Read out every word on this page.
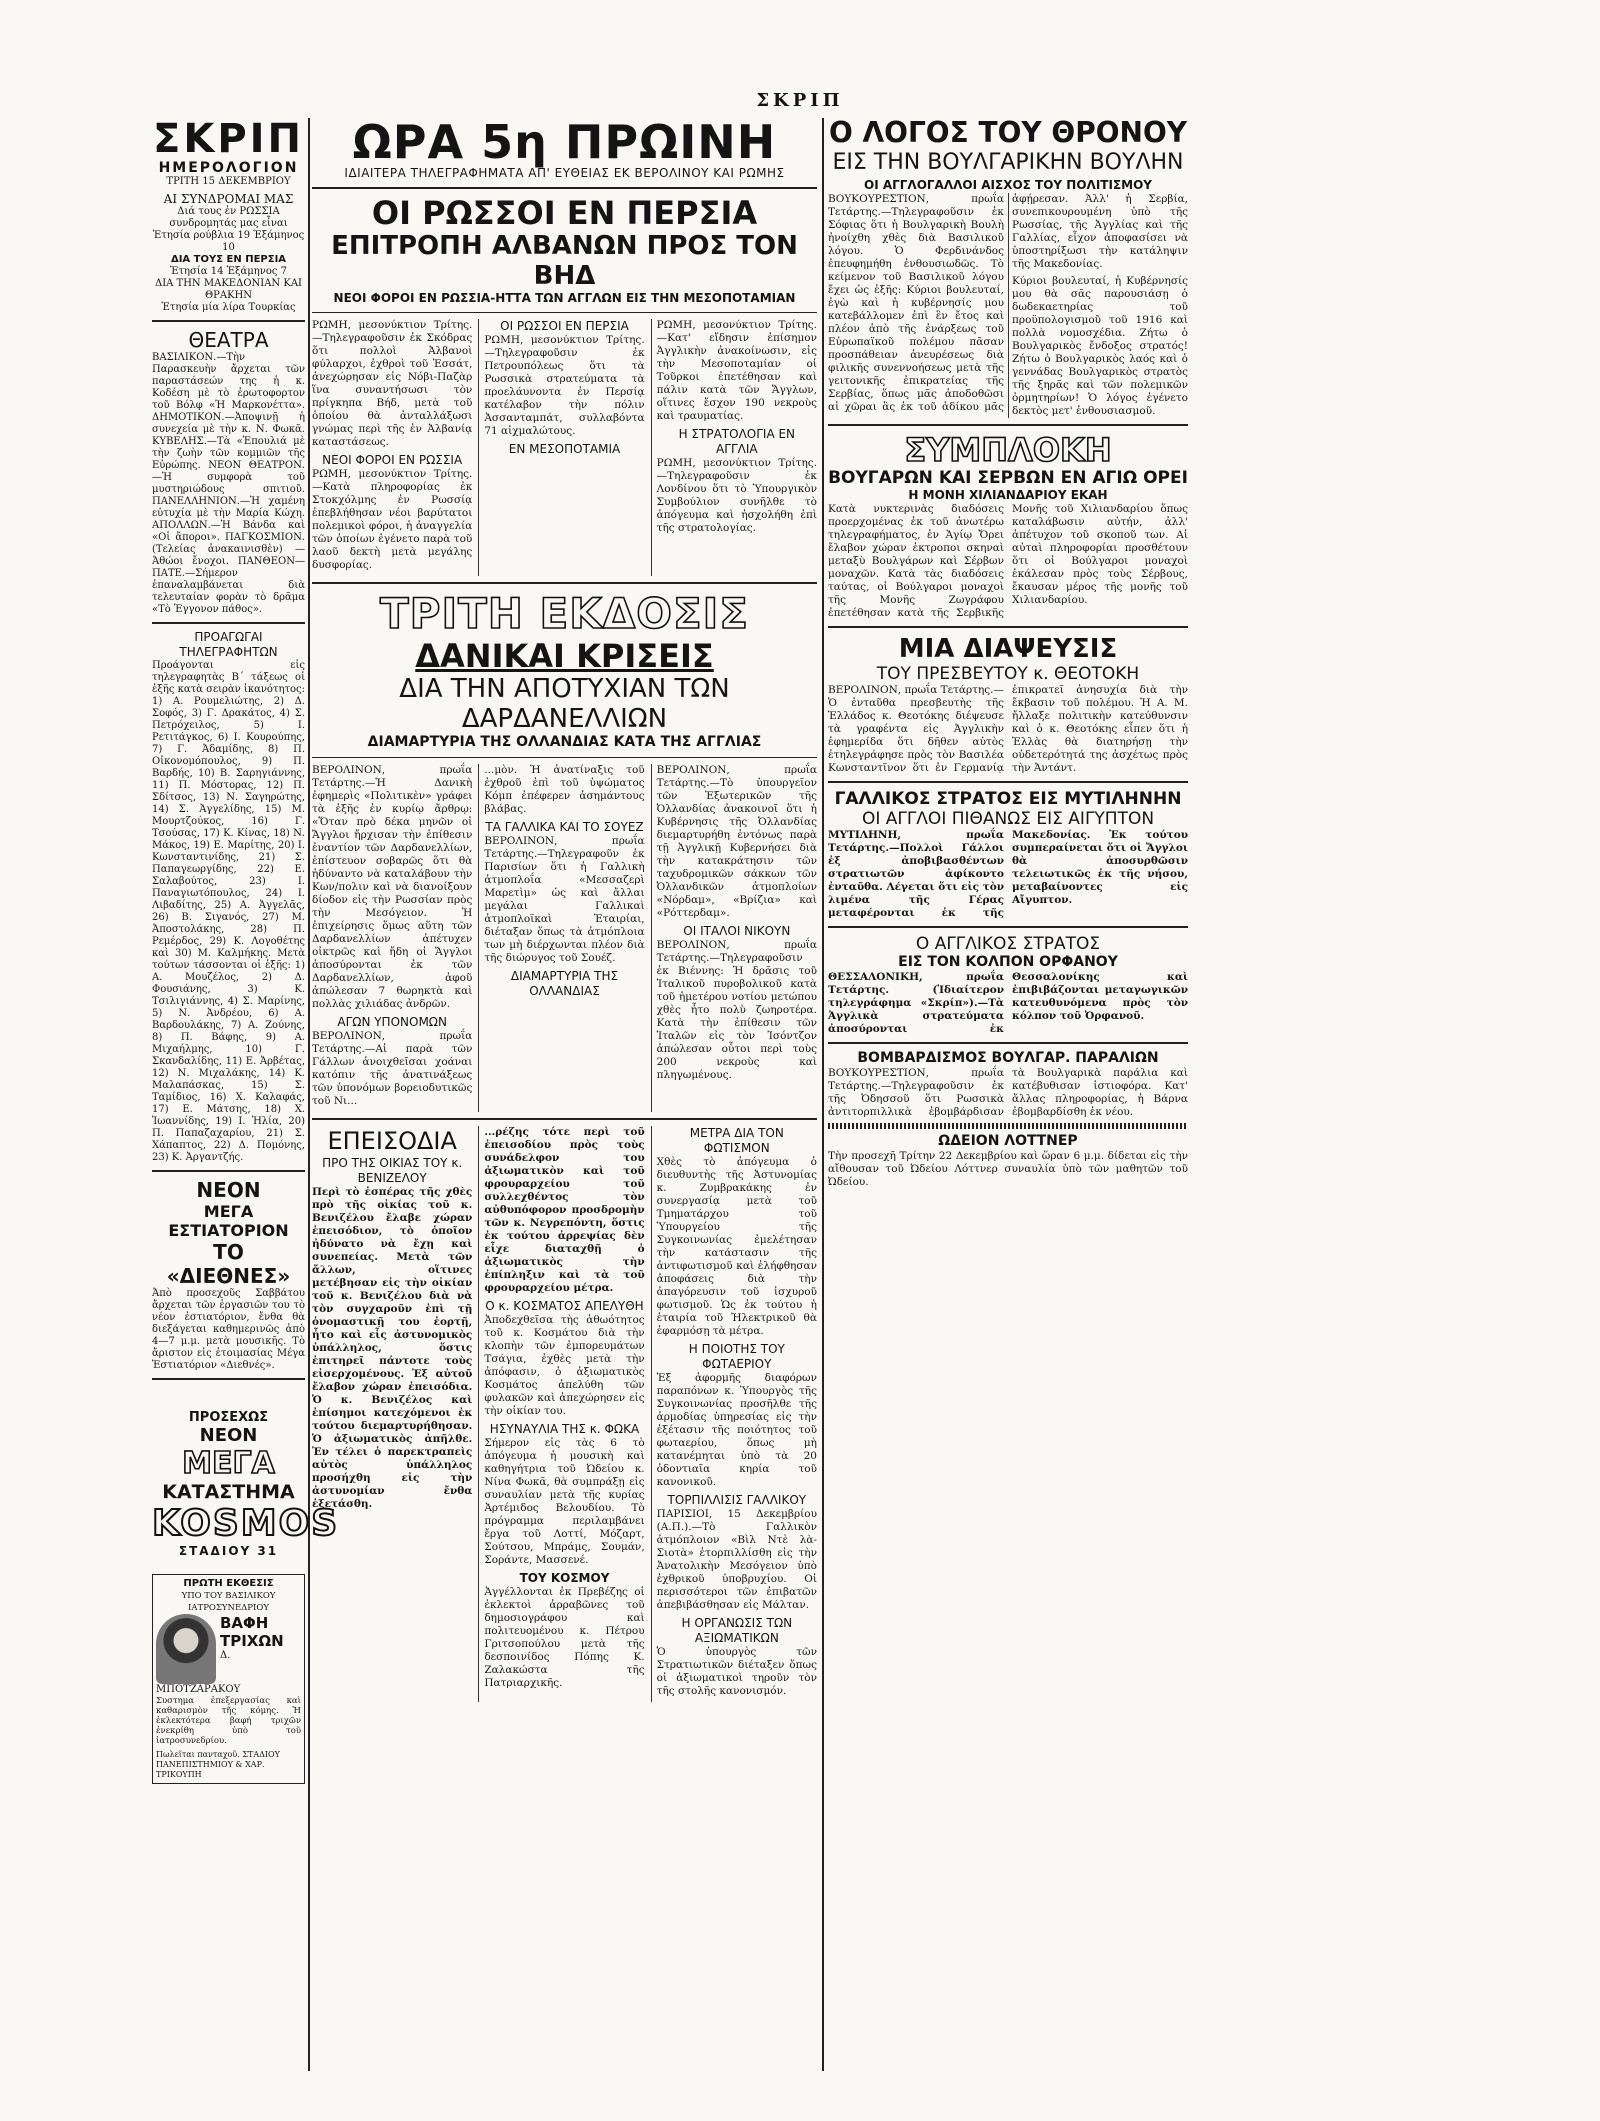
ΣΚΡΙΠ
ΣΚΡΙΠ
ΗΜΕΡΟΛΟΓΙΟΝ
ΤΡΙΤΗ 15 ΔΕΚΕΜΒΡΙΟΥ
ΑΙ ΣΥΝΔΡΟΜΑΙ ΜΑΣ
Διά τους ἐν ΡΩΣΣΙΑ συνδρομητάς μας εἶναι
Ἐτησία ρούβλια 19 Ἑξάμηνος 10
ΔΙΑ ΤΟΥΣ ΕΝ ΠΕΡΣΙΑ
Ἐτησία 14 Ἑξάμηνος 7
ΔΙΑ ΤΗΝ ΜΑΚΕΔΟΝΙΑΝ ΚΑΙ ΘΡΑΚΗΝ
Ἐτησία μία λίρα Τουρκίας
ΘΕΑΤΡΑ

ΒΑΣΙΛΙΚΟΝ.—Τὴν Παρασκευὴν ἄρχεται τῶν παραστάσεών της ἡ κ. Κοδέση μὲ τὸ ἐρωτοφορτον τοῦ Βόλφ «Ἡ Μαρκονέττα». ΔΗΜΟΤΙΚΟΝ.—Ἀποψινῇ ἡ συνεχεία μὲ τὴν κ. Ν. Φωκᾶ. ΚΥΒΕΛΗΣ.—Τὰ «Ἐπουλιά μὲ τὴν ζωὴν τῶν κομμιῶν τῆς Εὐρώπης. ΝΕΟΝ ΘΕΑΤΡΟΝ.—Ἡ συμφορὰ τοῦ μυστηριώδους σπιτιοῦ. ΠΑΝΕΛΛΗΝΙΟΝ.—Ἡ χαμένη εὐτυχία μὲ τὴν Μαρία Κώχη. ΑΠΟΛΛΩΝ.—Ἡ Βάνδα καὶ «Οἱ ἄποροι». ΠΑΓΚΟΣΜΙΟΝ. (Τελείας ἀνακαινισθὲν) —Ἀθώοι ἔνοχοι. ΠΑΝΘΕΟΝ—ΠΑΤΕ.—Σήμερον ἐπαναλαμβάνεται διὰ τελευταίαν φορὰν τὸ δρᾶμα «Τὸ Ἐγγονον πάθος».

ΠΡΟΑΓΩΓΑΙ ΤΗΛΕΓΡΑΦΗΤΩΝ

Προάγονται εἰς τηλεγραφητὰς Β΄ τάξεως οἱ ἑξῆς κατὰ σειρὰν ἱκανότητος: 1) Α. Ρουμελιώτης, 2) Δ. Σοφός, 3) Γ. Δρακάτος, 4) Σ. Πετρόχειλος, 5) Ι. Ρετιτάγκος, 6) Ι. Κουρούπης, 7) Γ. Ἀδαμίδης, 8) Π. Οἰκονομόπουλος, 9) Π. Βαρδής, 10) Β. Σαρηγιάννης, 11) Π. Μόστορας, 12) Π. Σδίτσος, 13) Ν. Σαγηρώτης, 14) Σ. Ἀγγελίδης, 15) Μ. Μουρτζούκος, 16) Γ. Τσούσας, 17) Κ. Κίνας, 18) Ν. Μάκος, 19) Ε. Μαρίτης, 20) Ι. Κωνσταντινίδης, 21) Σ. Παπαγεωργίδης, 22) Ε. Σαλαβούτος, 23) Ι. Παναγιωτόπουλος, 24) Ι. Λιβαδίτης, 25) Α. Ἀγγελᾶς, 26) Β. Σιγανός, 27) Μ. Ἀποστολάκης, 28) Π. Ρεμέρδος, 29) Κ. Λογοθέτης καὶ 30) Μ. Καλμήκης. Μετὰ τούτων τάσσονται οἱ ἑξῆς: 1) Α. Μουζέλος, 2) Δ. Φουσιάνης, 3) Κ. Τσιλιγιάννης, 4) Σ. Μαρίνης, 5) Ν. Ἀνδρέου, 6) Α. Βαρδουλάκης, 7) Α. Ζούνης, 8) Π. Βάφης, 9) Α. Μιχαήλμης, 10) Γ. Σκανδαλίδης, 11) Ε. Ἀρβέτας, 12) Ν. Μιχαλάκης, 14) Κ. Μαλαπάσκας, 15) Σ. Ταμίδιος, 16) Χ. Καλαφάς, 17) Ε. Μάτσης, 18) Χ. Ἰωαννίδης, 19) Ι. Ἠλία, 20) Π. Παπαζαχαρίου, 21) Σ. Χάπαπτος, 22) Δ. Πομόνης, 23) Κ. Ἀργαντζής.

ΝΕΟΝ
ΜΕΓΑ ΕΣΤΙΑΤΟΡΙΟΝ
ΤΟ «ΔΙΕΘΝΕΣ»

Ἀπὸ προσεχοῦς Σαββάτου ἄρχεται τῶν ἐργασιῶν του τὸ νέον ἐστιατόριον, ἔνθα θὰ διεξάγεται καθημερινῶς ἀπὸ 4—7 μ.μ. μετὰ μουσικῆς. Τὸ ἄριστον εἰς ἑτοιμασίας Μέγα Ἑστιατόριον «Διεθνές».

ΠΡΟΣΕΧΩΣ
ΝΕΟΝ
ΜΕΓΑ
ΚΑΤΑΣΤΗΜΑ
KOSMOS
ΣΤΑΔΙΟΥ 31
ΠΡΩΤΗ ΕΚΘΕΣΙΣ
ΥΠΟ ΤΟΥ ΒΑΣΙΛΙΚΟΥ ΙΑΤΡΟΣΥΝΕΔΡΙΟΥ
ΒΑΦΗ ΤΡΙΧΩΝ
Δ. ΜΠΟΤΖΑΡΑΚΟΥ

Συστημα ἐπεξεργασίας καὶ καθαρισμὸν τῆς κόμης. Ἡ ἐκλεκτότερα βαφή τριχῶν ἐνεκρίθη ὑπὸ τοῦ ἰατροσυνεδρίου.

Πωλεῖται πανταχοῦ. ΣΤΑΔΙΟΥ ΠΑΝΕΠΙΣΤΗΜΙΟΥ & ΧΑΡ. ΤΡΙΚΟΥΠΗ
ΩΡΑ 5η ΠΡΩΙΝΗ
ΙΔΙΑΙΤΕΡΑ ΤΗΛΕΓΡΑΦΗΜΑΤΑ ΑΠ' ΕΥΘΕΙΑΣ ΕΚ ΒΕΡΟΛΙΝΟΥ ΚΑΙ ΡΩΜΗΣ
ΟΙ ΡΩΣΣΟΙ ΕΝ ΠΕΡΣΙΑ
ΕΠΙΤΡΟΠΗ ΑΛΒΑΝΩΝ ΠΡΟΣ ΤΟΝ ΒΗΔ
ΝΕΟΙ ΦΟΡΟΙ ΕΝ ΡΩΣΣΙΑ-ΗΤΤΑ ΤΩΝ ΑΓΓΛΩΝ ΕΙΣ ΤΗΝ ΜΕΣΟΠΟΤΑΜΙΑΝ

ΡΩΜΗ, μεσονύκτιον Τρίτης.—Τηλεγραφοῦσιν ἐκ Σκόδρας ὅτι πολλοὶ Ἀλβανοὶ φύλαρχοι, ἐχθροὶ τοῦ Ἐσσάτ, ἀνεχώρησαν εἰς Νόβι-Παζὰρ ἵνα συναντήσωσι τὸν πρίγκηπα Βήδ, μετὰ τοῦ ὁποίου θὰ ἀνταλλάξωσι γνώμας περὶ τῆς ἐν Ἀλβανίᾳ καταστάσεως.

ΝΕΟΙ ΦΟΡΟΙ ΕΝ ΡΩΣΣΙΑ

ΡΩΜΗ, μεσονύκτιον Τρίτης.—Κατὰ πληροφορίας ἐκ Στοκχόλμης ἐν Ρωσσίᾳ ἐπεβλήθησαν νέοι βαρύτατοι πολεμικοὶ φόροι, ἡ ἀναγγελία τῶν ὁποίων ἐγένετο παρὰ τοῦ λαοῦ δεκτὴ μετὰ μεγάλης δυσφορίας.

ΟΙ ΡΩΣΣΟΙ ΕΝ ΠΕΡΣΙΑ

ΡΩΜΗ, μεσονύκτιον Τρίτης.—Τηλεγραφοῦσιν ἐκ Πετρουπόλεως ὅτι τὰ Ρωσσικὰ στρατεύματα τὰ προελάυνοντα ἐν Περσίᾳ κατέλαβον τὴν πόλιν Ἀσσανταμπάτ, συλλαβόντα 71 αἰχμαλώτους.

ΕΝ ΜΕΣΟΠΟΤΑΜΙΑ

ΡΩΜΗ, μεσονύκτιον Τρίτης.—Κατ' εἴδησιν ἐπίσημον Ἀγγλικὴν ἀνακοίνωσιν, εἰς τὴν Μεσοποταμίαν οἱ Τοῦρκοι ἐπετέθησαν καὶ πάλιν κατὰ τῶν Ἄγγλων, οἵτινες ἔσχον 190 νεκροὺς καὶ τραυματίας.

Η ΣΤΡΑΤΟΛΟΓΙΑ ΕΝ ΑΓΓΛΙΑ

ΡΩΜΗ, μεσονύκτιον Τρίτης.—Τηλεγραφοῦσιν ἐκ Λονδίνου ὅτι τὸ Ὑπουργικὸν Συμβούλιον συνῆλθε τὸ ἀπόγευμα καὶ ἠσχολήθη ἐπὶ τῆς στρατολογίας.

ΤΡΙΤΗ ΕΚΔΟΣΙΣ
ΔΑΝΙΚΑΙ ΚΡΙΣΕΙΣ
ΔΙΑ ΤΗΝ ΑΠΟΤΥΧΙΑΝ ΤΩΝ ΔΑΡΔΑΝΕΛΛΙΩΝ
ΔΙΑΜΑΡΤΥΡΙΑ ΤΗΣ ΟΛΛΑΝΔΙΑΣ ΚΑΤΑ ΤΗΣ ΑΓΓΛΙΑΣ

ΒΕΡΟΛΙΝΟΝ, πρωΐα Τετάρτης.—Ἡ Δανικὴ ἐφημερὶς «Πολιτικὲν» γράφει τὰ ἑξῆς ἐν κυρίῳ ἄρθρῳ: «Ὅταν πρὸ δέκα μηνῶν οἱ Ἄγγλοι ἤρχισαν τὴν ἐπίθεσιν ἐναντίον τῶν Δαρδανελλίων, ἐπίστευον σοβαρῶς ὅτι θὰ ἠδύναντο νὰ καταλάβουν τὴν Κων/πολιν καὶ νὰ διανοίξουν δίοδον εἰς τὴν Ρωσσίαν πρὸς τὴν Μεσόγειον. Ἡ ἐπιχείρησις ὅμως αὕτη τῶν Δαρδανελλίων ἀπέτυχεν οἰκτρῶς καὶ ἤδη οἱ Ἄγγλοι ἀποσύρονται ἐκ τῶν Δαρδανελλίων, ἀφοῦ ἀπώλεσαν 7 θωρηκτὰ καὶ πολλὰς χιλιάδας ἀνδρῶν.

ΑΓΩΝ ΥΠΟΝΟΜΩΝ

ΒΕΡΟΛΙΝΟΝ, πρωΐα Τετάρτης.—Αἱ παρὰ τῶν Γάλλων ἀνοιχθεῖσαι χοάναι κατόπιν τῆς ἀνατινάξεως τῶν ὑπονόμων βορειοδυτικῶς τοῦ Νι...

...μὸν. Ἡ ἀνατίναξις τοῦ ἐχθροῦ ἐπὶ τοῦ ὑψώματος Κόμπ ἐπέφερεν ἀσημάντους βλάβας.

ΤΑ ΓΑΛΛΙΚΑ ΚΑΙ ΤΟ ΣΟΥΕΖ

ΒΕΡΟΛΙΝΟΝ, πρωΐα Τετάρτης.—Τηλεγραφοῦν ἐκ Παρισίων ὅτι ἡ Γαλλικὴ ἀτμοπλοΐα «Μεσσαζερὶ Μαρετὶμ» ὡς καὶ ἄλλαι μεγάλαι Γαλλικαὶ ἀτμοπλοϊκαὶ Ἑταιρίαι, διέταξαν ὅπως τὰ ἀτμόπλοια των μὴ διέρχωνται πλέον διὰ τῆς διώρυγος τοῦ Σουέζ.

ΔΙΑΜΑΡΤΥΡΙΑ ΤΗΣ ΟΛΛΑΝΔΙΑΣ

ΒΕΡΟΛΙΝΟΝ, πρωΐα Τετάρτης.—Τὸ ὑπουργεῖον τῶν Ἐξωτερικῶν τῆς Ὀλλανδίας ἀνακοινοῖ ὅτι ἡ Κυβέρνησις τῆς Ὀλλανδίας διεμαρτυρήθη ἐντόνως παρὰ τῇ Ἀγγλικῇ Κυβερνήσει διὰ τὴν κατακράτησιν τῶν ταχυδρομικῶν σάκκων τῶν Ὀλλανδικῶν ἀτμοπλοίων «Νόρδαμ», «Βρίζια» καὶ «Ρόττερδαμ».

ΟΙ ΙΤΑΛΟΙ ΝΙΚΟΥΝ

ΒΕΡΟΛΙΝΟΝ, πρωΐα Τετάρτης.—Τηλεγραφοῦσιν ἐκ Βιέννης: Ἡ δρᾶσις τοῦ Ἰταλικοῦ πυροβολικοῦ κατὰ τοῦ ἡμετέρου νοτίου μετώπου χθὲς ἦτο πολὺ ζωηροτέρα. Κατὰ τὴν ἐπίθεσιν τῶν Ἰταλῶν εἰς τὸν Ἰσόντζον ἀπώλεσαν οὗτοι περὶ τοὺς 200 νεκροὺς καὶ πληγωμένους.

ΕΠΕΙΣΟΔΙΑ
ΠΡΟ ΤΗΣ ΟΙΚΙΑΣ ΤΟΥ κ. ΒΕΝΙΖΕΛΟΥ

Περὶ τὸ ἑσπέρας τῆς χθὲς πρὸ τῆς οἰκίας τοῦ κ. Βενιζέλου ἔλαβε χώραν ἐπεισόδιον, τὸ ὁποῖον ἠδύνατο νὰ ἔχῃ καὶ συνεπείας. Μετὰ τῶν ἄλλων, οἵτινες μετέβησαν εἰς τὴν οἰκίαν τοῦ κ. Βενιζέλου διὰ νὰ τὸν συγχαροῦν ἐπὶ τῇ ὀνομαστικῇ του ἑορτῇ, ἦτο καὶ εἷς ἀστυνομικὸς ὑπάλληλος, ὅστις ἐπιτηρεῖ πάντοτε τοὺς εἰσερχομένους. Ἐξ αὐτοῦ ἔλαβον χώραν ἐπεισόδια. Ὁ κ. Βενιζέλος καὶ ἐπίσημοι κατεχόμενοι ἐκ τούτου διεμαρτυρήθησαν. Ὁ ἀξιωματικὸς ἀπῆλθε. Ἐν τέλει ὁ παρεκτραπεὶς αὐτὸς ὑπάλληλος προσήχθη εἰς τὴν ἀστυνομίαν ἔνθα ἐξετάσθη.

...ρέζης τότε περὶ τοῦ ἐπεισοδίου πρὸς τοὺς συνάδελφον του ἀξιωματικὸν καὶ τοῦ φρουραρχείου τοῦ συλλεχθέντος τὸν αὐθυπόφορον προσδρομὴν τῶν κ. Νεγρεπόντη, ὅστις ἐκ τούτου ἀρρεψίας δὲν εἶχε διαταχθῇ ὁ ἀξιωματικὸς τὴν ἐπίπληξιν καὶ τὰ τοῦ φρουραρχείου μέτρα.

Ο κ. ΚΟΣΜΑΤΟΣ ΑΠΕΛΥΘΗ

Ἀποδεχθεῖσα τὴς ἀθωότητος τοῦ κ. Κοσμάτου διὰ τὴν κλοπὴν τῶν ἐμπορευμάτων Τσάγια, ἐχθὲς μετὰ τὴν ἀπόφασιν, ὁ ἀξιωματικὸς Κοσμάτος ἀπελύθη τῶν φυλακῶν καὶ ἀπεχώρησεν εἰς τὴν οἰκίαν του.

ΗΣΥΝΑΥΛΙΑ ΤΗΣ κ. ΦΩΚΑ

Σήμερον εἰς τὰς 6 τὸ ἀπόγευμα ἡ μουσικὴ καὶ καθηγήτρια τοῦ Ὠδείου κ. Νίνα Φωκᾶ, θὰ συμπράξῃ εἰς συναυλίαν μετὰ τῆς κυρίας Ἀρτέμιδος Βελουδίου. Τὸ πρόγραμμα περιλαμβάνει ἔργα τοῦ Λοττί, Μόζαρτ, Σούτσου, Μπράμς, Σουμάν, Σοράντε, Μασσενέ.

ΤΟΥ ΚΟΣΜΟΥ

Ἀγγέλλονται ἐκ Πρεβέζης οἱ ἐκλεκτοὶ ἀρραβῶνες τοῦ δημοσιογράφου καὶ πολιτευομένου κ. Πέτρου Γριτσοπούλου μετὰ τῆς δεσποινίδος Πόπης Κ. Ζαλακώστα τῆς Πατριαρχικῆς.

ΜΕΤΡΑ ΔΙΑ ΤΟΝ ΦΩΤΙΣΜΟΝ

Χθὲς τὸ ἀπόγευμα ὁ διευθυντὴς τῆς Ἀστυνομίας κ. Ζυμβρακάκης ἐν συνεργασίᾳ μετὰ τοῦ Τμηματάρχου τοῦ Ὑπουργείου τῆς Συγκοινωνίας ἐμελέτησαν τὴν κατάστασιν τῆς ἀντιφωτισμοῦ καὶ ἐλήφθησαν ἀποφάσεις διὰ τὴν ἀπαγόρευσιν τοῦ ἰσχυροῦ φωτισμοῦ. Ὡς ἐκ τούτου ἡ ἑταιρία τοῦ Ἠλεκτρικοῦ θὰ ἐφαρμόσῃ τὰ μέτρα.

Η ΠΟΙΟΤΗΣ ΤΟΥ ΦΩΤΑΕΡΙΟΥ

Ἐξ ἀφορμῆς διαφόρων παραπόνων κ. Ὑπουργὸς τῆς Συγκοινωνίας προσῆλθε τῆς ἀρμοδίας ὑπηρεσίας εἰς τὴν ἐξέτασιν τῆς ποιότητος τοῦ φωταερίου, ὅπως μὴ κατανέμηται ὑπὸ τὰ 20 ὀδοντιαῖα κηρία τοῦ κανονικοῦ.

ΤΟΡΠΙΛΛΙΣΙΣ ΓΑΛΛΙΚΟΥ

ΠΑΡΙΣΙΟΙ, 15 Δεκεμβρίου (Α.Π.).—Τὸ Γαλλικὸν ἀτμόπλοιον «Βὶλ Ντὲ λὰ-Σιοτὰ» ἐτορπιλλίσθη εἰς τὴν Ἀνατολικὴν Μεσόγειον ὑπὸ ἐχθρικοῦ ὑποβρυχίου. Οἱ περισσότεροι τῶν ἐπιβατῶν ἀπεβιβάσθησαν εἰς Μάλταν.

Η ΟΡΓΑΝΩΣΙΣ ΤΩΝ ΑΞΙΩΜΑΤΙΚΩΝ

Ὁ ὑπουργὸς τῶν Στρατιωτικῶν διέταξεν ὅπως οἱ ἀξιωματικοὶ τηροῦν τὸν τῆς στολῆς κανονισμόν.

Ο ΛΟΓΟΣ ΤΟΥ ΘΡΟΝΟΥ
ΕΙΣ ΤΗΝ ΒΟΥΛΓΑΡΙΚΗΝ ΒΟΥΛΗΝ
ΟΙ ΑΓΓΛΟΓΑΛΛΟΙ ΑΙΣΧΟΣ ΤΟΥ ΠΟΛΙΤΙΣΜΟΥ

ΒΟΥΚΟΥΡΕΣΤΙΟΝ, πρωΐα Τετάρτης.—Τηλεγραφοῦσιν ἐκ Σόφιας ὅτι ἡ Βουλγαρικὴ Βουλὴ ἠνοίχθη χθὲς διὰ Βασιλικοῦ λόγου. Ὁ Φερδινάνδος ἐπευφημήθη ἐνθουσιωδῶς. Τὸ κείμενον τοῦ Βασιλικοῦ λόγου ἔχει ὡς ἑξῆς: Κύριοι βουλευταί, ἐγὼ καὶ ἡ κυβέρνησίς μου κατεβάλλομεν ἐπὶ ἓν ἔτος καὶ πλέον ἀπὸ τῆς ἐνάρξεως τοῦ Εὐρωπαϊκοῦ πολέμου πᾶσαν προσπάθειαν ἀνευρέσεως διὰ φιλικῆς συνεννοήσεως μετὰ τῆς γειτονικῆς ἐπικρατείας τῆς Σερβίας, ὅπως μᾶς ἀποδοθῶσι αἱ χῶραι ἃς ἐκ τοῦ ἀδίκου μᾶς ἀφῄρεσαν. Ἀλλ' ἡ Σερβία, συνεπικουρουμένη ὑπὸ τῆς Ρωσσίας, τῆς Ἀγγλίας καὶ τῆς Γαλλίας, εἶχον ἀποφασίσει νὰ ὑποστηρίξωσι τὴν κατάληψιν τῆς Μακεδονίας.

Κύριοι βουλευταί, ἡ Κυβέρνησίς μου θὰ σᾶς παρουσιάσῃ ὁ δωδεκαετηρίας τοῦ προϋπολογισμοῦ τοῦ 1916 καὶ πολλὰ νομοσχέδια. Ζήτω ὁ Βουλγαρικὸς ἔνδοξος στρατός! Ζήτω ὁ Βουλγαρικὸς λαός καὶ ὁ γεννάδας Βουλγαρικὸς στρατὸς τῆς ξηρᾶς καὶ τῶν πολεμικῶν ὁρμητηρίων! Ὁ λόγος ἐγένετο δεκτὸς μετ' ἐνθουσιασμοῦ.

ΣΥΜΠΛΟΚΗ
ΒΟΥΓΑΡΩΝ ΚΑΙ ΣΕΡΒΩΝ ΕΝ ΑΓΙΩ ΟΡΕΙ
Η ΜΟΝΗ ΧΙΛΙΑΝΔΑΡΙΟΥ ΕΚΑΗ

Κατὰ νυκτερινὰς διαδόσεις προερχομένας ἐκ τοῦ ἀνωτέρω τηλεγραφήματος, ἐν Ἁγίῳ Ὄρει ἔλαβον χώραν ἐκτροποι σκηναὶ μεταξὺ Βουλγάρων καὶ Σέρβων μοναχῶν. Κατὰ τὰς διαδόσεις ταύτας, οἱ Βούλγαροι μοναχοὶ τῆς Μονῆς Ζωγράφου ἐπετέθησαν κατὰ τῆς Σερβικῆς Μονῆς τοῦ Χιλιανδαρίου ὅπως καταλάβωσιν αὐτήν, ἀλλ' ἀπέτυχον τοῦ σκοποῦ των. Αἱ αὐταὶ πληροφορίαι προσθέτουν ὅτι οἱ Βούλγαροι μοναχοὶ ἐκάλεσαν πρὸς τοὺς Σέρβους, ἔκαυσαν μέρος τῆς μονῆς τοῦ Χιλιανδαρίου.

ΜΙΑ ΔΙΑΨΕΥΣΙΣ
ΤΟΥ ΠΡΕΣΒΕΥΤΟΥ κ. ΘΕΟΤΟΚΗ

ΒΕΡΟΛΙΝΟΝ, πρωΐα Τετάρτης.—Ὁ ἐνταῦθα πρεσβευτὴς τῆς Ἑλλάδος κ. Θεοτόκης διέψευσε τὰ γραφέντα εἰς Ἀγγλικὴν ἐφημερίδα ὅτι δῆθεν αὐτὸς ἐτηλεγράφησε πρὸς τὸν Βασιλέα Κωνσταντῖνον ὅτι ἐν Γερμανίᾳ ἐπικρατεῖ ἀνησυχία διὰ τὴν ἔκβασιν τοῦ πολέμου. Ἡ Α. Μ. ἤλλαξε πολιτικὴν κατεύθυνσιν καὶ ὁ κ. Θεοτόκης εἶπεν ὅτι ἡ Ἑλλὰς θὰ διατηρήσῃ τὴν οὐδετερότητά της ἀσχέτως πρὸς τὴν Ἀντάντ.

ΓΑΛΛΙΚΟΣ ΣΤΡΑΤΟΣ ΕΙΣ ΜΥΤΙΛΗΝΗΝ
ΟΙ ΑΓΓΛΟΙ ΠΙΘΑΝΩΣ ΕΙΣ ΑΙΓΥΠΤΟΝ

ΜΥΤΙΛΗΝΗ, πρωΐα Τετάρτης.—Πολλοὶ Γάλλοι ἐξ ἀποβιβασθέντων στρατιωτῶν ἀφίκοντο ἐνταῦθα. Λέγεται ὅτι εἰς τὸν λιμένα τῆς Γέρας μεταφέρονται ἐκ τῆς Μακεδονίας. Ἐκ τούτου συμπεραίνεται ὅτι οἱ Ἄγγλοι θὰ ἀποσυρθῶσιν τελειωτικῶς ἐκ τῆς νήσου, μεταβαίνοντες εἰς Αἴγυπτον.

Ο ΑΓΓΛΙΚΟΣ ΣΤΡΑΤΟΣ
ΕΙΣ ΤΟΝ ΚΟΛΠΟΝ ΟΡΦΑΝΟΥ

ΘΕΣΣΑΛΟΝΙΚΗ, πρωΐα Τετάρτης. (Ἰδιαίτερον τηλεγράφημα «Σκρίπ»).—Τὰ Ἀγγλικὰ στρατεύματα ἀποσύρονται ἐκ Θεσσαλονίκης καὶ ἐπιβιβάζονται μεταγωγικῶν κατευθυνόμενα πρὸς τὸν κόλπον τοῦ Ὀρφανοῦ.

ΒΟΜΒΑΡΔΙΣΜΟΣ ΒΟΥΛΓΑΡ. ΠΑΡΑΛΙΩΝ

ΒΟΥΚΟΥΡΕΣΤΙΟΝ, πρωΐα Τετάρτης.—Τηλεγραφοῦσιν ἐκ τῆς Ὀδησσοῦ ὅτι Ρωσσικὰ ἀντιτορπιλλικὰ ἐβομβάρδισαν τὰ Βουλγαρικὰ παράλια καὶ κατέβυθισαν ἱστιοφόρα. Κατ' ἄλλας πληροφορίας, ἡ Βάρνα ἐβομβαρδίσθη ἐκ νέου.

ΩΔΕΙΟΝ ΛΟΤΤΝΕΡ

Τὴν προσεχῆ Τρίτην 22 Δεκεμβρίου καὶ ὥραν 6 μ.μ. δίδεται εἰς τὴν αἴθουσαν τοῦ Ὠδείου Λόττνερ συναυλία ὑπὸ τῶν μαθητῶν τοῦ Ὠδείου.
